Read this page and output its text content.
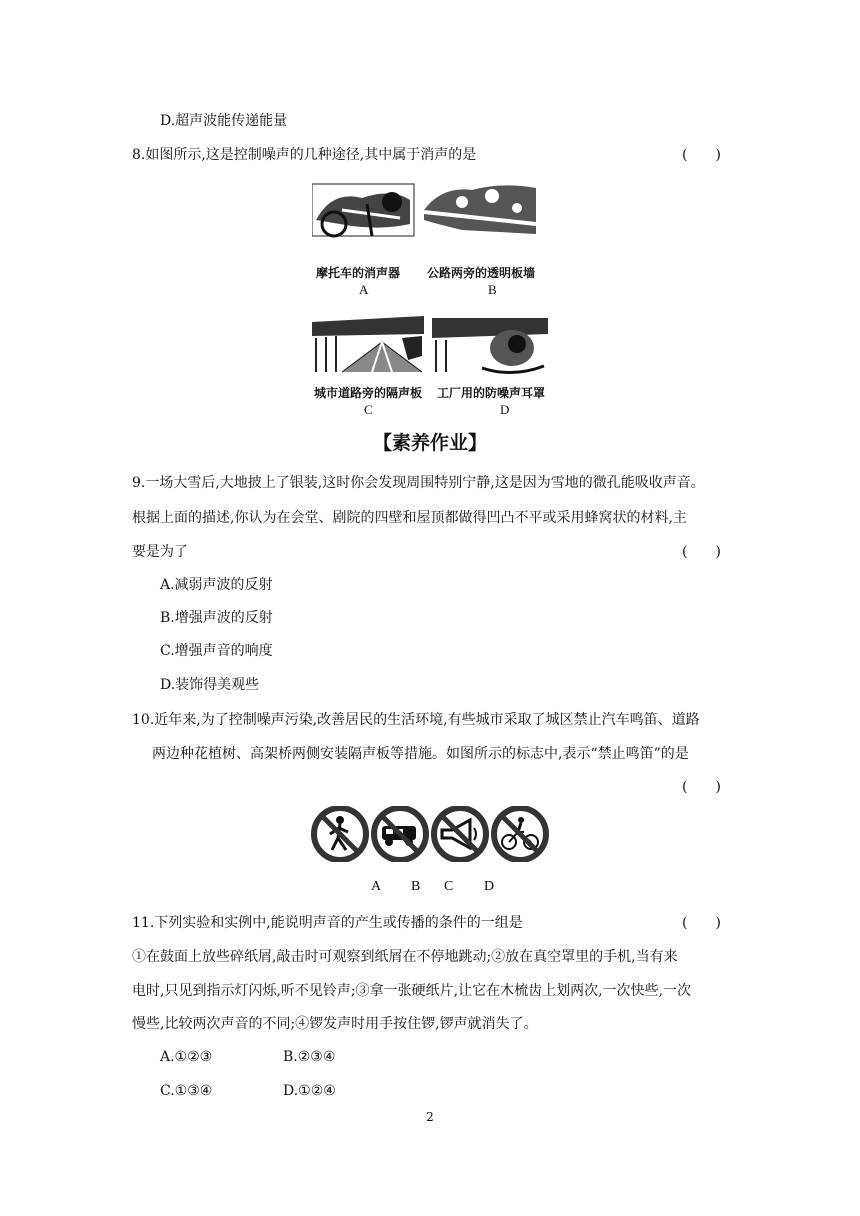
D.超声波能传递能量
8.如图所示,这是控制噪声的几种途径,其中属于消声的是	(　　)
摩托车的消声器 公路两旁的透明板墙
A	B
城市道路旁的隔声板 工厂用的防噪声耳罩
C	D
【素养作业】
9.一场大雪后,大地披上了银装,这时你会发现周围特别宁静,这是因为雪地的微孔能吸收声音。
根据上面的描述,你认为在会堂、剧院的四壁和屋顶都做得凹凸不平或采用蜂窝状的材料,主
要是为了	(　　)
A.减弱声波的反射
B.增强声波的反射
C.增强声音的响度
D.装饰得美观些
10.近年来,为了控制噪声污染,改善居民的生活环境,有些城市采取了城区禁止汽车鸣笛、道路
两边种花植树、高架桥两侧安装隔声板等措施。如图所示的标志中,表示“禁止鸣笛”的是
(　　)
A B C D
11.下列实验和实例中,能说明声音的产生或传播的条件的一组是	(　　)
①在鼓面上放些碎纸屑,敲击时可观察到纸屑在不停地跳动;②放在真空罩里的手机,当有来
电时,只见到指示灯闪烁,听不见铃声;③拿一张硬纸片,让它在木梳齿上划两次,一次快些,一次
慢些,比较两次声音的不同;④锣发声时用手按住锣,锣声就消失了。
A.①②③	B.②③④
C.①③④	D.①②④
2
